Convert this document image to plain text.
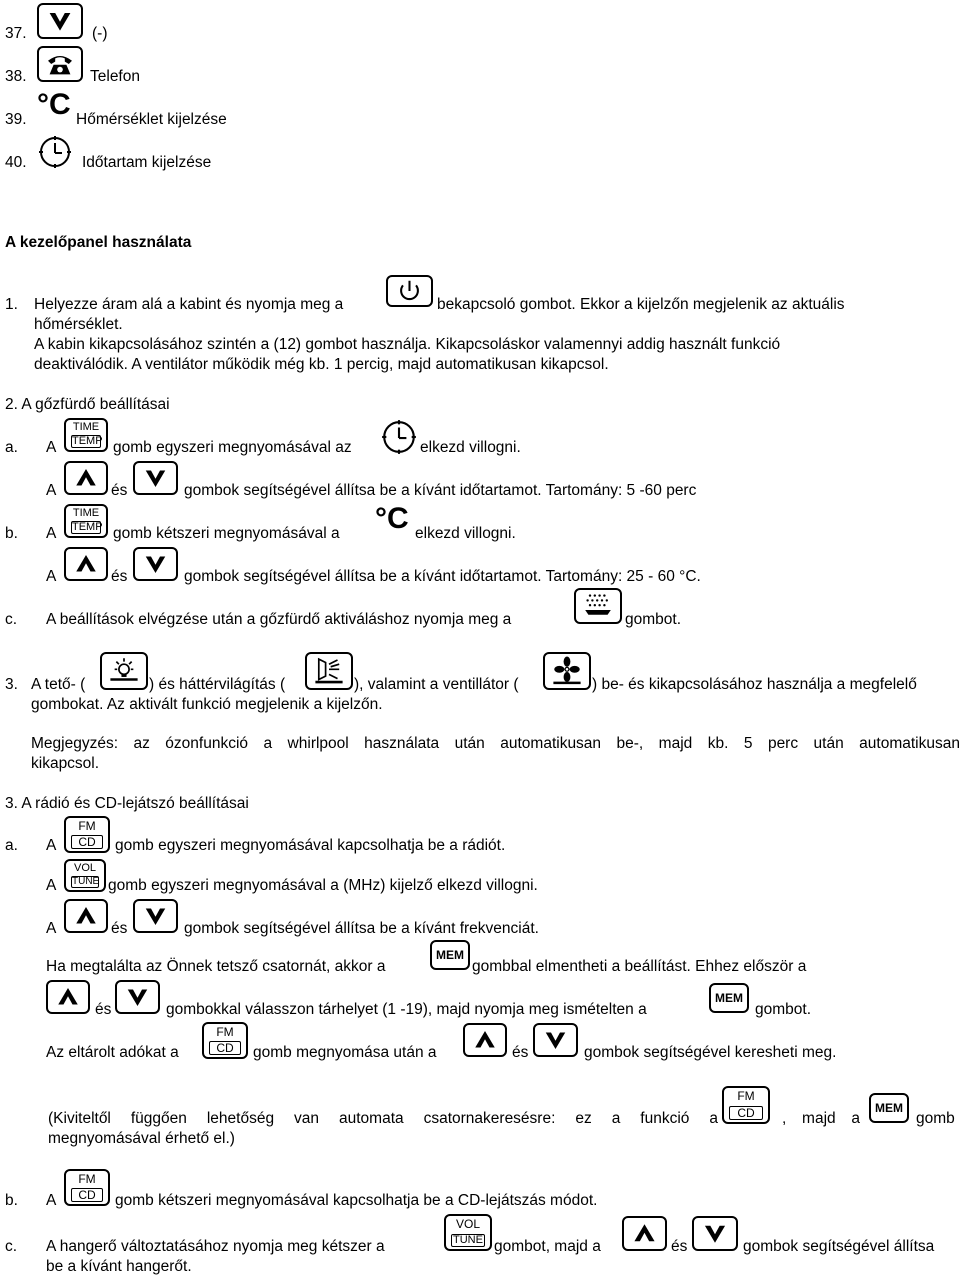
37.	(-)
38.	Telefon
39. °C Hőmérséklet kijelzése
40.	Időtartam kijelzése
A kezelőpanel használata
1. Helyezze áram alá a kabint és nyomja meg a	bekapcsoló gombot. Ekkor a kijelzőn megjelenik az aktuális
hőmérséklet.
A kabin kikapcsolásához szintén a (12) gombot használja. Kikapcsoláskor valamennyi addig használt funkció
deaktiválódik. A ventilátor működik még kb. 1 percig, majd automatikusan kikapcsol.
2. A gőzfürdő beállításai
a. A
TIME
TEMP gomb egyszeri megnyomásával az	elkezd villogni.
A	és	gombok segítségével állítsa be a kívánt időtartamot. Tartomány: 5 -60 perc
b. A
TIME
TEMP gomb kétszeri megnyomásával a °C elkezd villogni.
A	és	gombok segítségével állítsa be a kívánt időtartamot. Tartomány: 25 - 60 °C.
c. A beállítások elvégzése után a gőzfürdő aktiváláshoz nyomja meg a	gombot.
3. A tető- (	) és háttérvilágítás (	), valamint a ventillátor (	) be- és kikapcsolásához használja a megfelelő
gombokat. Az aktivált funkció megjelenik a kijelzőn.
Megjegyzés: az ózonfunkció a whirlpool használata után automatikusan be-, majd kb. 5 perc után automatikusan
kikapcsol.
3. A rádió és CD-lejátszó beállításai
a. A
FM
CD	gomb egyszeri megnyomásával kapcsolhatja be a rádiót.
A
VOL
TUNE gomb egyszeri megnyomásával a (MHz) kijelző elkezd villogni.
A	és	gombok segítségével állítsa be a kívánt frekvenciát.
Ha megtalálta az Önnek tetsző csatornát, akkor a
MEM
gombbal elmentheti a beállítást. Ehhez először a
és	gombokkal válasszon tárhelyet (1 -19), majd nyomja meg ismételten a
MEM
gombot.
Az eltárolt adókat a
FM
CD	gomb megnyomása után a	és	gombok segítségével keresheti meg.
(Kiviteltől függően lehetőség van automata csatornakeresésre: ez a funkció a
FM
CD	, majd a
MEM
gomb
megnyomásával érhető el.)
b. A
FM
CD	gomb kétszeri megnyomásával kapcsolhatja be a CD-lejátszás módot.
c. A hangerő változtatásához nyomja meg kétszer a
VOL
TUNE gombot, majd a	és	gombok segítségével állítsa
be a kívánt hangerőt.
